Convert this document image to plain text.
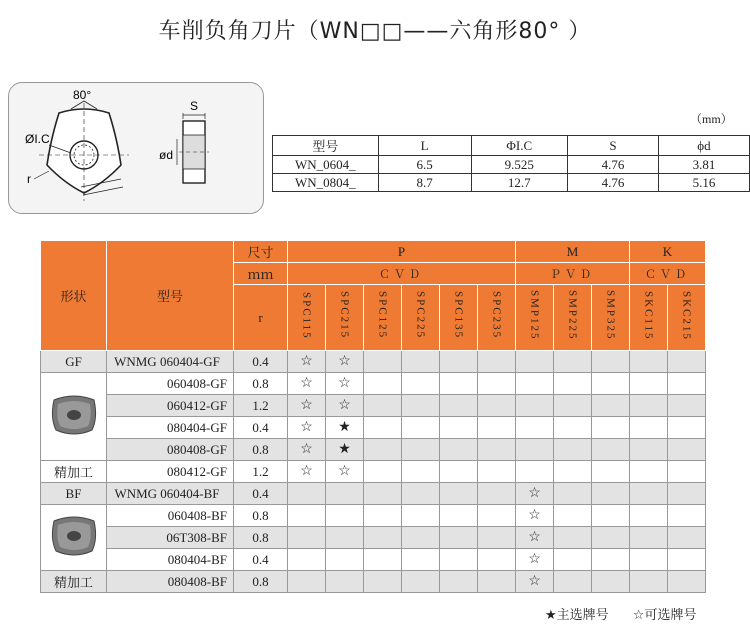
车削负角刀片（WN□□——六角形80° ）
80°
ØI.C
r
S
ød
（mm）
型号	L	ΦI.C	S	ϕd
WN_0604_	6.5	9.525	4.76	3.81
WN_0804_	8.7	12.7	4.76	5.16
形状	型号	尺寸	P						M			K	
		ｍｍ	ＣＶＤ						ＰＶＤ			ＣＶＤ	
		r	SPC115	SPC215	SPC125	SPC225	SPC135	SPC235	SMP125	SMP225	SMP325	SKC115	SKC215
GF	WNMG 060404-GF	0.4	☆	☆									
	060408-GF	0.8	☆	☆									
	060412-GF	1.2	☆	☆									
	080404-GF	0.4	☆	★									
	080408-GF	0.8	☆	★									
精加工	080412-GF	1.2	☆	☆									
BF	WNMG 060404-BF	0.4							☆				
	060408-BF	0.8							☆				
	06T308-BF	0.8							☆				
	080404-BF	0.4							☆				
精加工	080408-BF	0.8							☆				
★主选牌号 ☆可选牌号
